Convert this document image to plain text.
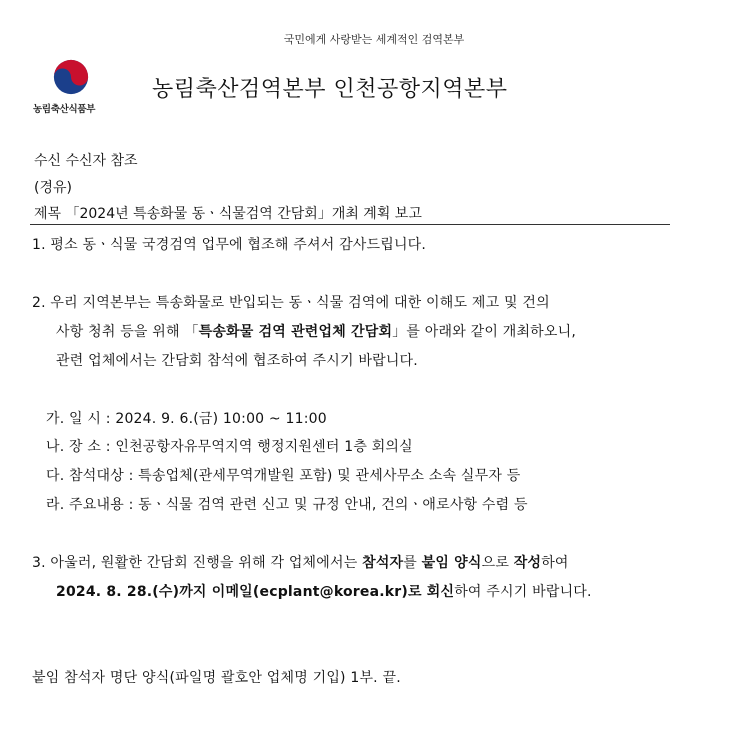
국민에게 사랑받는 세계적인 검역본부
농림축산식품부
농림축산검역본부 인천공항지역본부
수신 수신자 참조
(경유)
제목 「2024년 특송화물 동ㆍ식물검역 간담회」개최 계획 보고
1. 평소 동ㆍ식물 국경검역 업무에 협조해 주셔서 감사드립니다.
2. 우리 지역본부는 특송화물로 반입되는 동ㆍ식물 검역에 대한 이해도 제고 및 건의
사항 청취 등을 위해 「특송화물 검역 관련업체 간담회」를 아래와 같이 개최하오니,
관련 업체에서는 간담회 참석에 협조하여 주시기 바랍니다.
가. 일 시 : 2024. 9. 6.(금) 10:00 ~ 11:00
나. 장 소 : 인천공항자유무역지역 행정지원센터 1층 회의실
다. 참석대상 : 특송업체(관세무역개발원 포함) 및 관세사무소 소속 실무자 등
라. 주요내용 : 동ㆍ식물 검역 관련 신고 및 규정 안내, 건의ㆍ애로사항 수렴 등
3. 아울러, 원활한 간담회 진행을 위해 각 업체에서는 참석자를 붙임 양식으로 작성하여
2024. 8. 28.(수)까지 이메일(ecplant@korea.kr)로 회신하여 주시기 바랍니다.
붙임 참석자 명단 양식(파일명 괄호안 업체명 기입) 1부. 끝.
